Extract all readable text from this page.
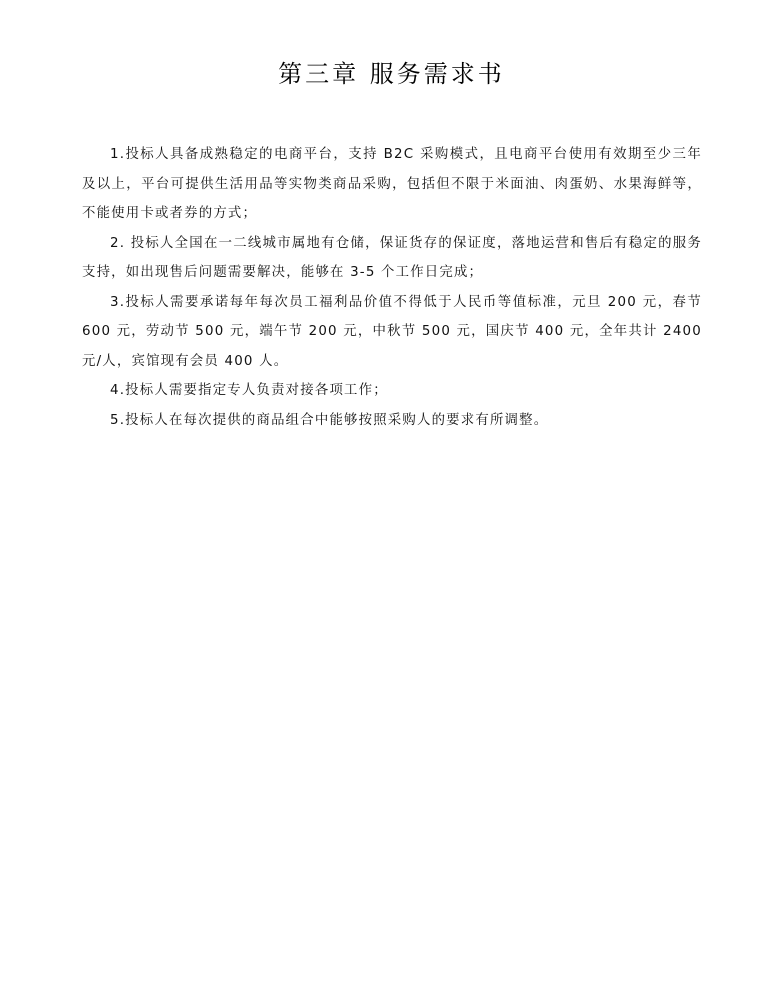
第三章 服务需求书

1.投标人具备成熟稳定的电商平台，支持 B2C 采购模式，且电商平台使用有效期至少三年及以上，平台可提供生活用品等实物类商品采购，包括但不限于米面油、肉蛋奶、水果海鲜等，不能使用卡或者券的方式；

2. 投标人全国在一二线城市属地有仓储，保证货存的保证度，落地运营和售后有稳定的服务支持，如出现售后问题需要解决，能够在 3-5 个工作日完成；

3.投标人需要承诺每年每次员工福利品价值不得低于人民币等值标准，元旦 200 元，春节 600 元，劳动节 500 元，端午节 200 元，中秋节 500 元，国庆节 400 元，全年共计 2400 元/人，宾馆现有会员 400 人。

4.投标人需要指定专人负责对接各项工作；

5.投标人在每次提供的商品组合中能够按照采购人的要求有所调整。
